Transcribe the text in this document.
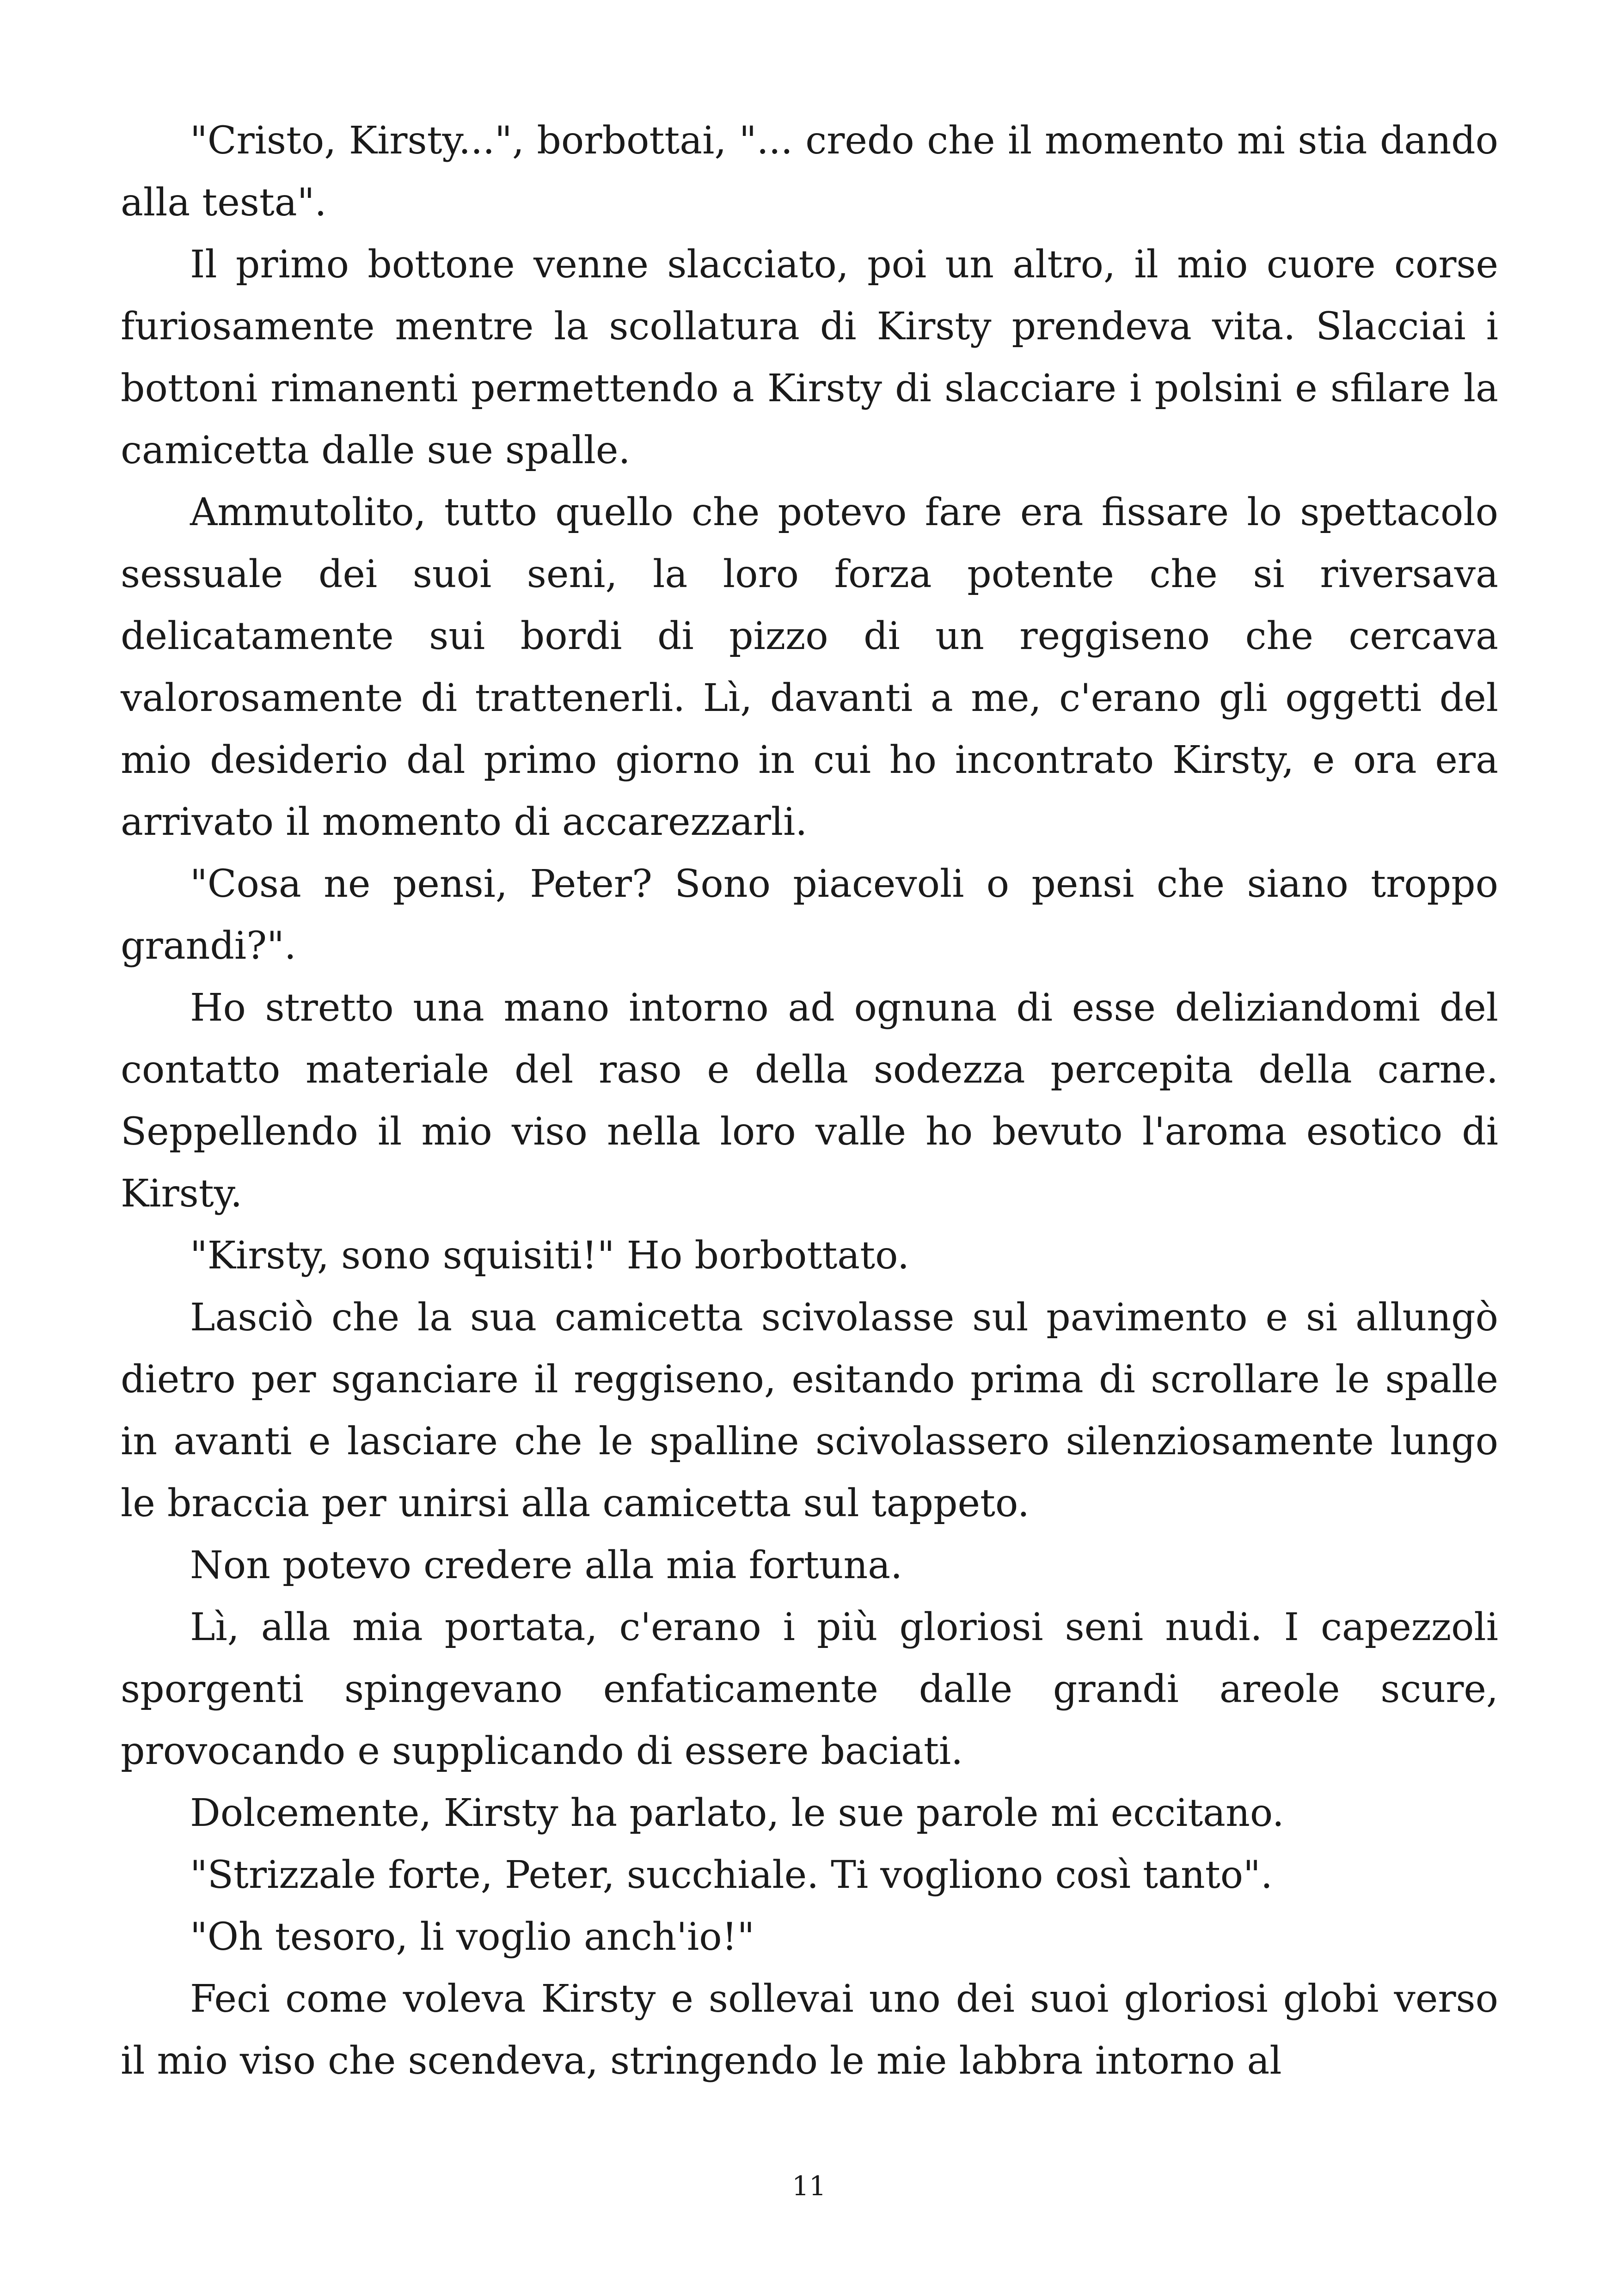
"Cristo, Kirsty...", borbottai, "... credo che il momento mi stia dando alla testa".

Il primo bottone venne slacciato, poi un altro, il mio cuore corse furiosamente mentre la scollatura di Kirsty prendeva vita. Slacciai i bottoni rimanenti permettendo a Kirsty di slacciare i polsini e sfilare la camicetta dalle sue spalle.

Ammutolito, tutto quello che potevo fare era fissare lo spettacolo sessuale dei suoi seni, la loro forza potente che si riversava delicatamente sui bordi di pizzo di un reggiseno che cercava valorosamente di trattenerli. Lì, davanti a me, c'erano gli oggetti del mio desiderio dal primo giorno in cui ho incontrato Kirsty, e ora era arrivato il momento di accarezzarli.

"Cosa ne pensi, Peter? Sono piacevoli o pensi che siano troppo grandi?".

Ho stretto una mano intorno ad ognuna di esse deliziandomi del contatto materiale del raso e della sodezza percepita della carne. Seppellendo il mio viso nella loro valle ho bevuto l'aroma esotico di Kirsty.

"Kirsty, sono squisiti!" Ho borbottato.

Lasciò che la sua camicetta scivolasse sul pavimento e si allungò dietro per sganciare il reggiseno, esitando prima di scrollare le spalle in avanti e lasciare che le spalline scivolassero silenziosamente lungo le braccia per unirsi alla camicetta sul tappeto.

Non potevo credere alla mia fortuna.

Lì, alla mia portata, c'erano i più gloriosi seni nudi. I capezzoli sporgenti spingevano enfaticamente dalle grandi areole scure, provocando e supplicando di essere baciati.

Dolcemente, Kirsty ha parlato, le sue parole mi eccitano.

"Strizzale forte, Peter, succhiale. Ti vogliono così tanto".

"Oh tesoro, li voglio anch'io!"

Feci come voleva Kirsty e sollevai uno dei suoi gloriosi globi verso il mio viso che scendeva, stringendo le mie labbra intorno al

11
